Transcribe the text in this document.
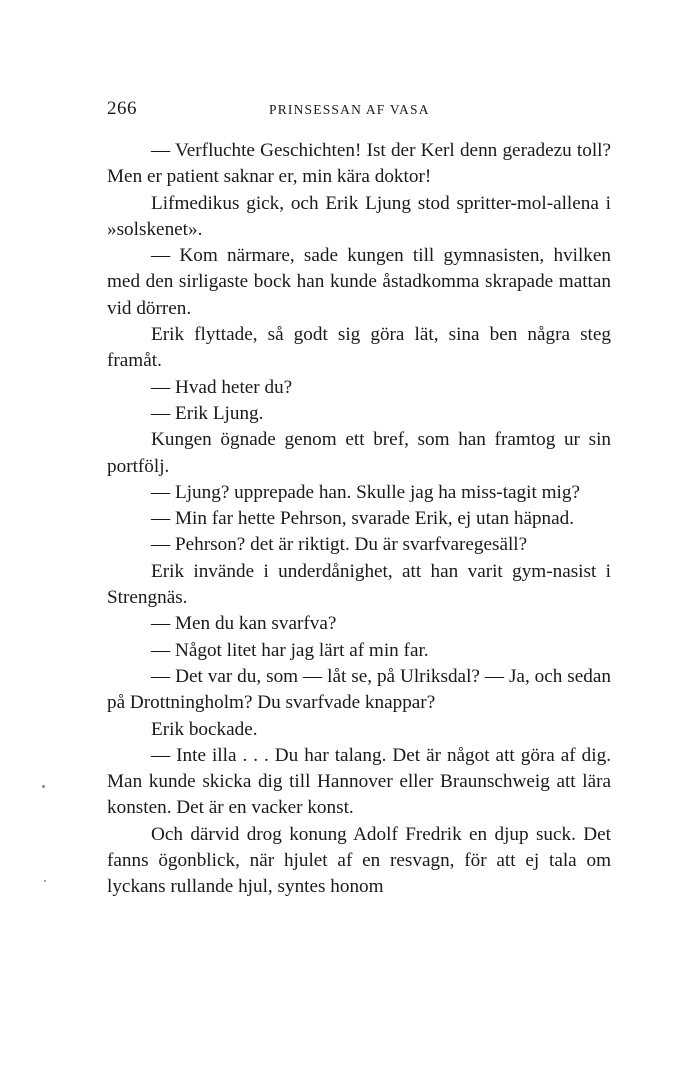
266	PRINSESSAN AF VASA

— Verfluchte Geschichten! Ist der Kerl denn geradezu toll? Men er patient saknar er, min kära doktor!

Lifmedikus gick, och Erik Ljung stod spritter-mol-allena i »solskenet».

— Kom närmare, sade kungen till gymnasisten, hvilken med den sirligaste bock han kunde åstadkomma skrapade mattan vid dörren.

Erik flyttade, så godt sig göra lät, sina ben några steg framåt.

— Hvad heter du?

— Erik Ljung.

Kungen ögnade genom ett bref, som han framtog ur sin portfölj.

— Ljung? upprepade han. Skulle jag ha miss-tagit mig?

— Min far hette Pehrson, svarade Erik, ej utan häpnad.

— Pehrson? det är riktigt. Du är svarfvaregesäll?

Erik invände i underdånighet, att han varit gym-nasist i Strengnäs.

— Men du kan svarfva?

— Något litet har jag lärt af min far.

— Det var du, som — låt se, på Ulriksdal? — Ja, och sedan på Drottningholm? Du svarfvade knappar?

Erik bockade.

— Inte illa . . . Du har talang. Det är något att göra af dig. Man kunde skicka dig till Hannover eller Braunschweig att lära konsten. Det är en vacker konst.

Och därvid drog konung Adolf Fredrik en djup suck. Det fanns ögonblick, när hjulet af en resvagn, för att ej tala om lyckans rullande hjul, syntes honom
